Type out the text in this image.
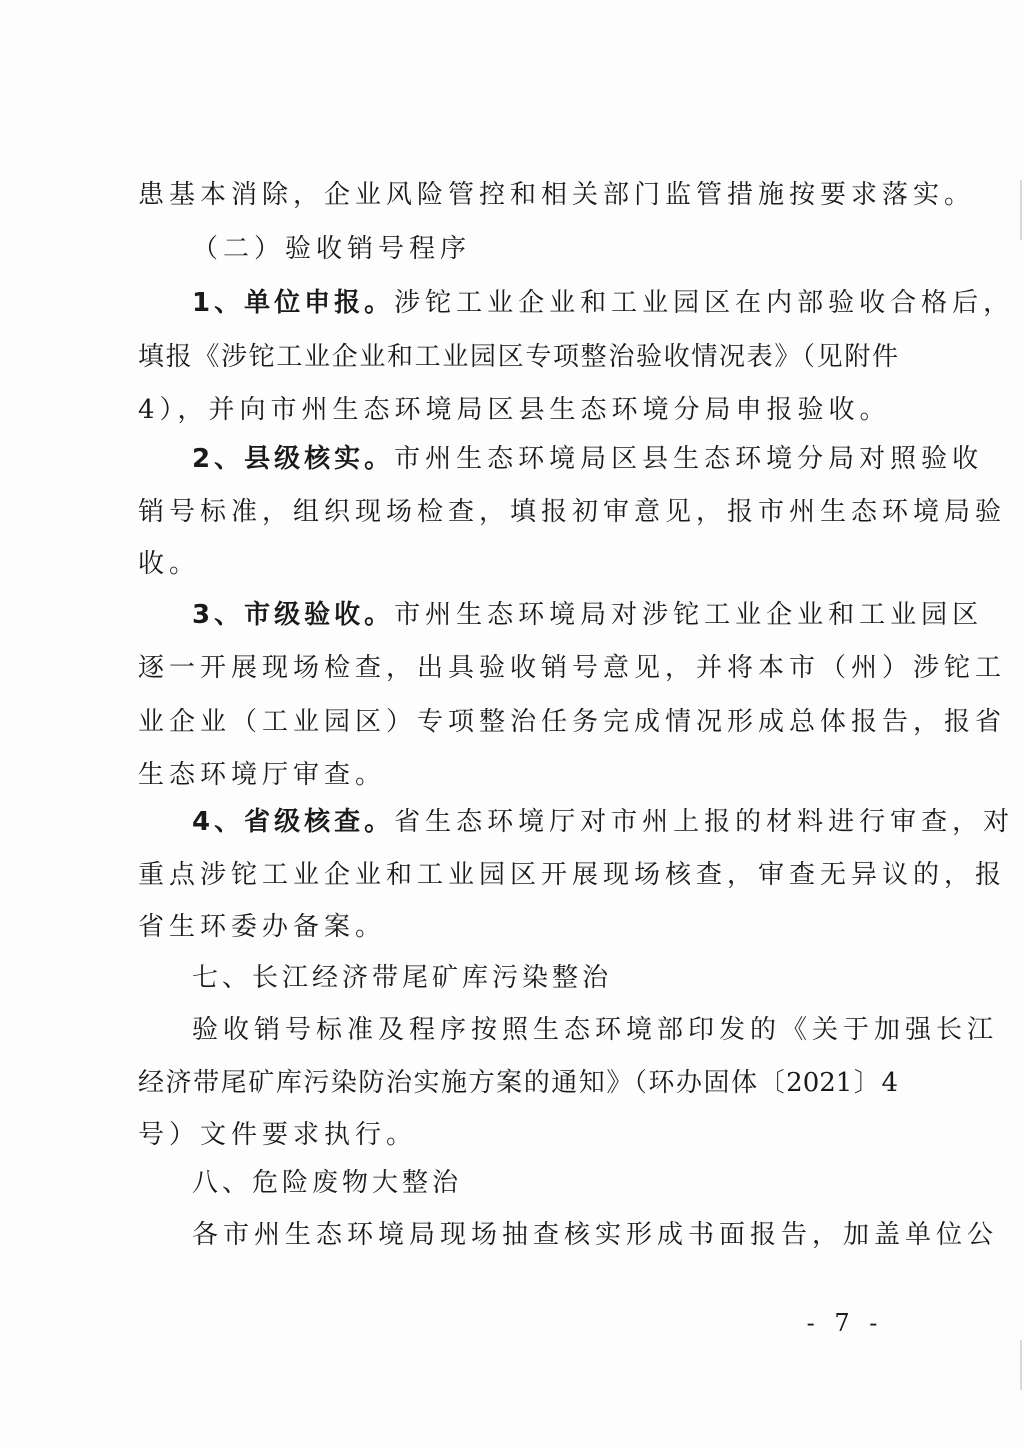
患基本消除，企业风险管控和相关部门监管措施按要求落实。
（二）验收销号程序
1、单位申报。涉铊工业企业和工业园区在内部验收合格后，
填报《涉铊工业企业和工业园区专项整治验收情况表》（见附件
4），并向市州生态环境局区县生态环境分局申报验收。
2、县级核实。市州生态环境局区县生态环境分局对照验收
销号标准，组织现场检查，填报初审意见，报市州生态环境局验
收。
3、市级验收。市州生态环境局对涉铊工业企业和工业园区
逐一开展现场检查，出具验收销号意见，并将本市（州）涉铊工
业企业（工业园区）专项整治任务完成情况形成总体报告，报省
生态环境厅审查。
4、省级核查。省生态环境厅对市州上报的材料进行审查，对
重点涉铊工业企业和工业园区开展现场核查，审查无异议的，报
省生环委办备案。
七、长江经济带尾矿库污染整治
验收销号标准及程序按照生态环境部印发的《关于加强长江
经济带尾矿库污染防治实施方案的通知》（环办固体〔2021〕4
号）文件要求执行。
八、危险废物大整治
各市州生态环境局现场抽查核实形成书面报告，加盖单位公
- 7 -
